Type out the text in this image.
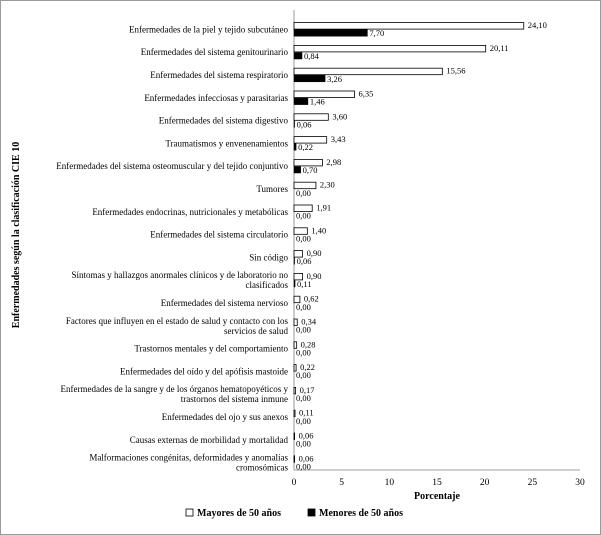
Enfermedades de la piel y tejido subcutáneo	24,10
7,70
Enfermedades del sistema genitourinario	20,11
0,84
Enfermedades del sistema respiratorio	15,56
3,26
Enfermedades infecciosas y parasitarias	6,35
1,46
Enfermedades del sistema digestivo	3,60
0,06
Traumatismos y envenenamientos	3,43
0,22
Enfermedades del sistema osteomuscular y del tejido conjuntivo	2,98
0,70
Tumores	2,30
0,00
Enfermedades endocrinas, nutricionales y metabólicas	1,91
0,00
Enfermedades del sistema circulatorio	1,40
0,00
Sin código 0,90
0,06
Síntomas y hallazgos anormales clínicos y de laboratorio no
clasificados
0,90
0,11
Enfermedades del sistema nervioso 0,62
0,00
Factores que influyen en el estado de salud y contacto con los
servicios de salud
0,34
0,00
Trastornos mentales y del comportamiento 0,28
0,00
Enfermedades del oído y del apófisis mastoide 0,22
0,00
Enfermedades de la sangre y de los órganos hematopoyéticos y
trastornos del sistema inmune
0,17
0,00
Enfermedades del ojo y sus anexos 0,11
0,00
Causas externas de morbilidad y mortalidad 0,06
0,00
Malformaciones congénitas, deformidades y anomalías
cromosómicas
0,06
0,00
0	5	10	15	20	25	30
Porcentaje
Enfermedades según la clasificación CIE 10
Mayores de 50 años	Menores de 50 años
